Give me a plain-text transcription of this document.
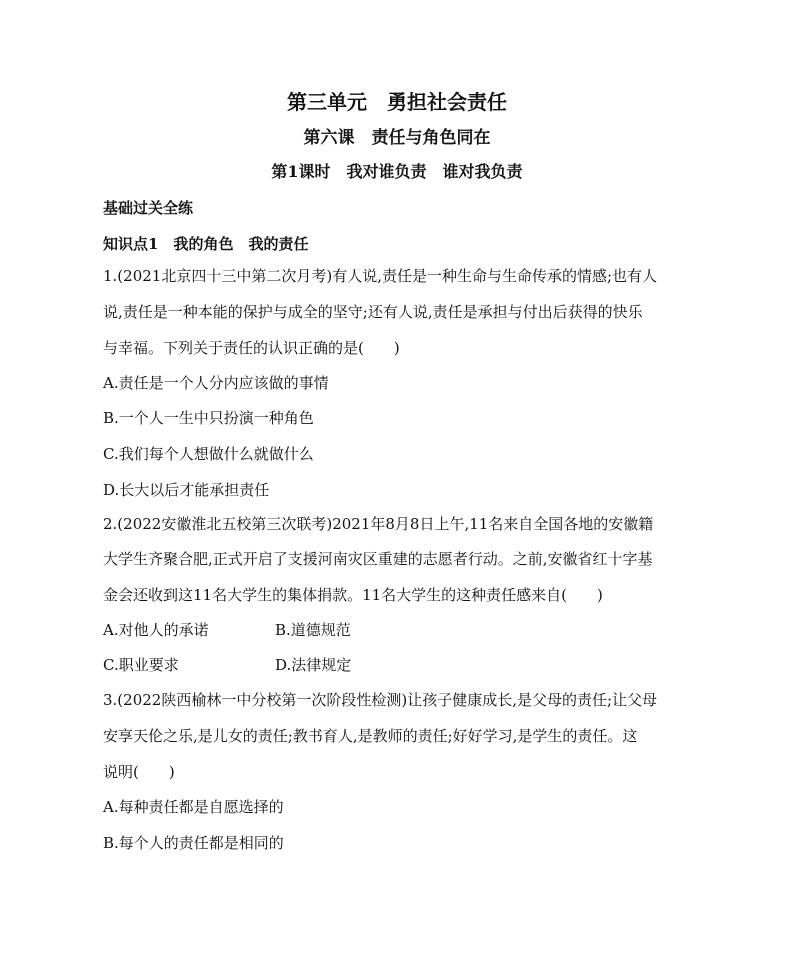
第三单元　勇担社会责任
第六课　责任与角色同在
第1课时　我对谁负责　谁对我负责
基础过关全练
知识点1　我的角色　我的责任
1.(2021北京四十三中第二次月考)有人说,责任是一种生命与生命传承的情感;也有人
说,责任是一种本能的保护与成全的坚守;还有人说,责任是承担与付出后获得的快乐
与幸福。下列关于责任的认识正确的是(　　)
A.责任是一个人分内应该做的事情
B.一个人一生中只扮演一种角色
C.我们每个人想做什么就做什么
D.长大以后才能承担责任
2.(2022安徽淮北五校第三次联考)2021年8月8日上午,11名来自全国各地的安徽籍
大学生齐聚合肥,正式开启了支援河南灾区重建的志愿者行动。之前,安徽省红十字基
金会还收到这11名大学生的集体捐款。11名大学生的这种责任感来自(　　)
A.对他人的承诺	B.道德规范
C.职业要求	D.法律规定
3.(2022陕西榆林一中分校第一次阶段性检测)让孩子健康成长,是父母的责任;让父母
安享天伦之乐,是儿女的责任;教书育人,是教师的责任;好好学习,是学生的责任。这
说明(　　)
A.每种责任都是自愿选择的
B.每个人的责任都是相同的
